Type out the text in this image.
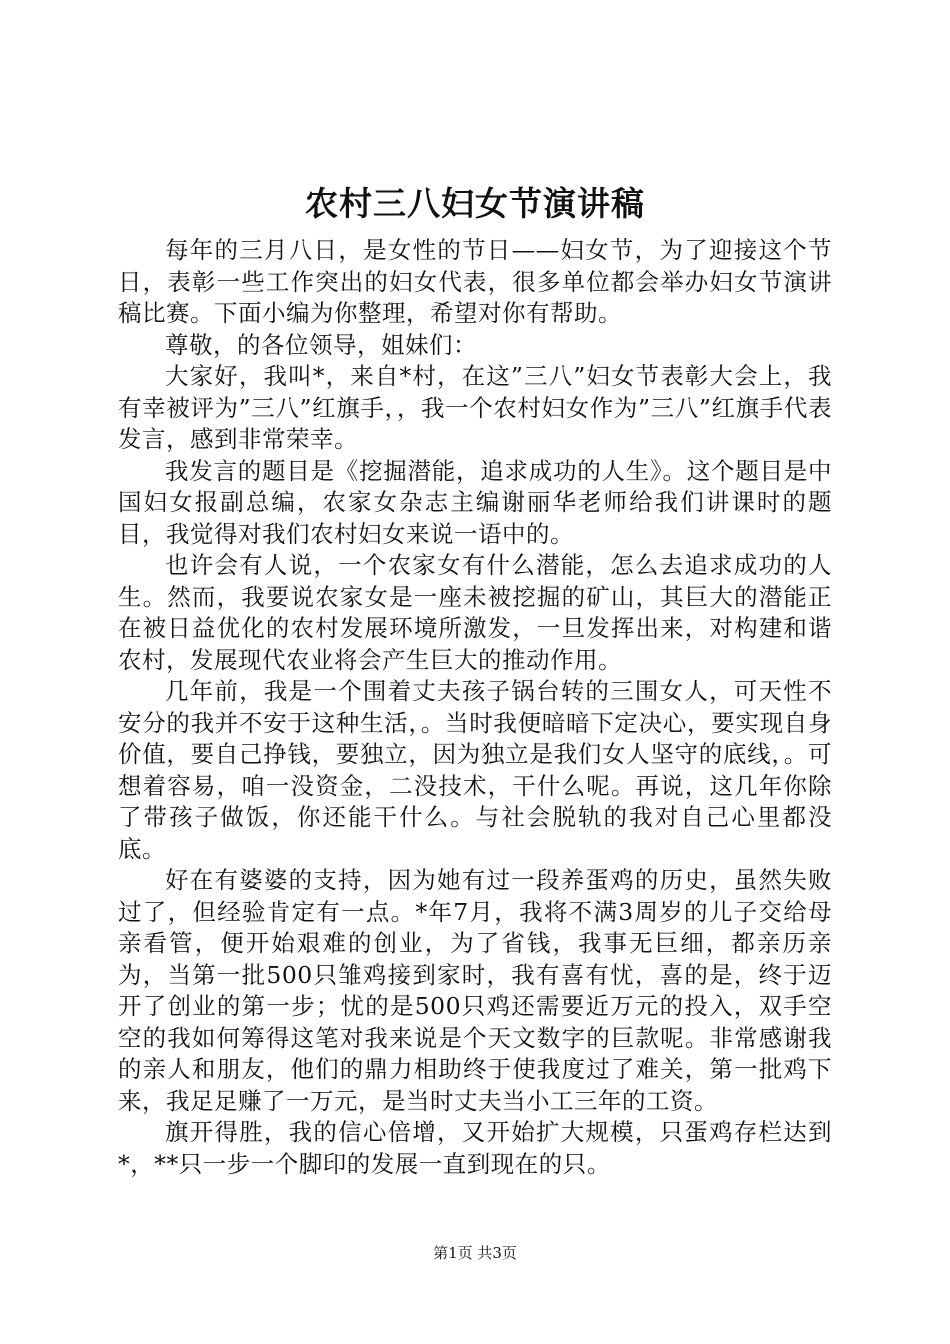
农村三八妇女节演讲稿

每年的三月八日，是女性的节日——妇女节，为了迎接这个节日，表彰一些工作突出的妇女代表，很多单位都会举办妇女节演讲稿比赛。下面小编为你整理，希望对你有帮助。

尊敬，的各位领导，姐妹们：

大家好，我叫*，来自*村，在这”三八”妇女节表彰大会上，我有幸被评为”三八”红旗手，，我一个农村妇女作为”三八”红旗手代表发言，感到非常荣幸。

我发言的题目是《挖掘潜能，追求成功的人生》。这个题目是中国妇女报副总编，农家女杂志主编谢丽华老师给我们讲课时的题目，我觉得对我们农村妇女来说一语中的。

也许会有人说，一个农家女有什么潜能，怎么去追求成功的人生。然而，我要说农家女是一座未被挖掘的矿山，其巨大的潜能正在被日益优化的农村发展环境所激发，一旦发挥出来，对构建和谐农村，发展现代农业将会产生巨大的推动作用。

几年前，我是一个围着丈夫孩子锅台转的三围女人，可天性不安分的我并不安于这种生活，。当时我便暗暗下定决心，要实现自身价值，要自己挣钱，要独立，因为独立是我们女人坚守的底线，。可想着容易，咱一没资金，二没技术，干什么呢。再说，这几年你除了带孩子做饭，你还能干什么。与社会脱轨的我对自己心里都没底。

好在有婆婆的支持，因为她有过一段养蛋鸡的历史，虽然失败过了，但经验肯定有一点。*年7月，我将不满3周岁的儿子交给母亲看管，便开始艰难的创业，为了省钱，我事无巨细，都亲历亲为，当第一批500只雏鸡接到家时，我有喜有忧，喜的是，终于迈开了创业的第一步；忧的是500只鸡还需要近万元的投入，双手空空的我如何筹得这笔对我来说是个天文数字的巨款呢。非常感谢我的亲人和朋友，他们的鼎力相助终于使我度过了难关，第一批鸡下来，我足足赚了一万元，是当时丈夫当小工三年的工资。

旗开得胜，我的信心倍增，又开始扩大规模，只蛋鸡存栏达到*，**只一步一个脚印的发展一直到现在的只。

第1页 共3页
